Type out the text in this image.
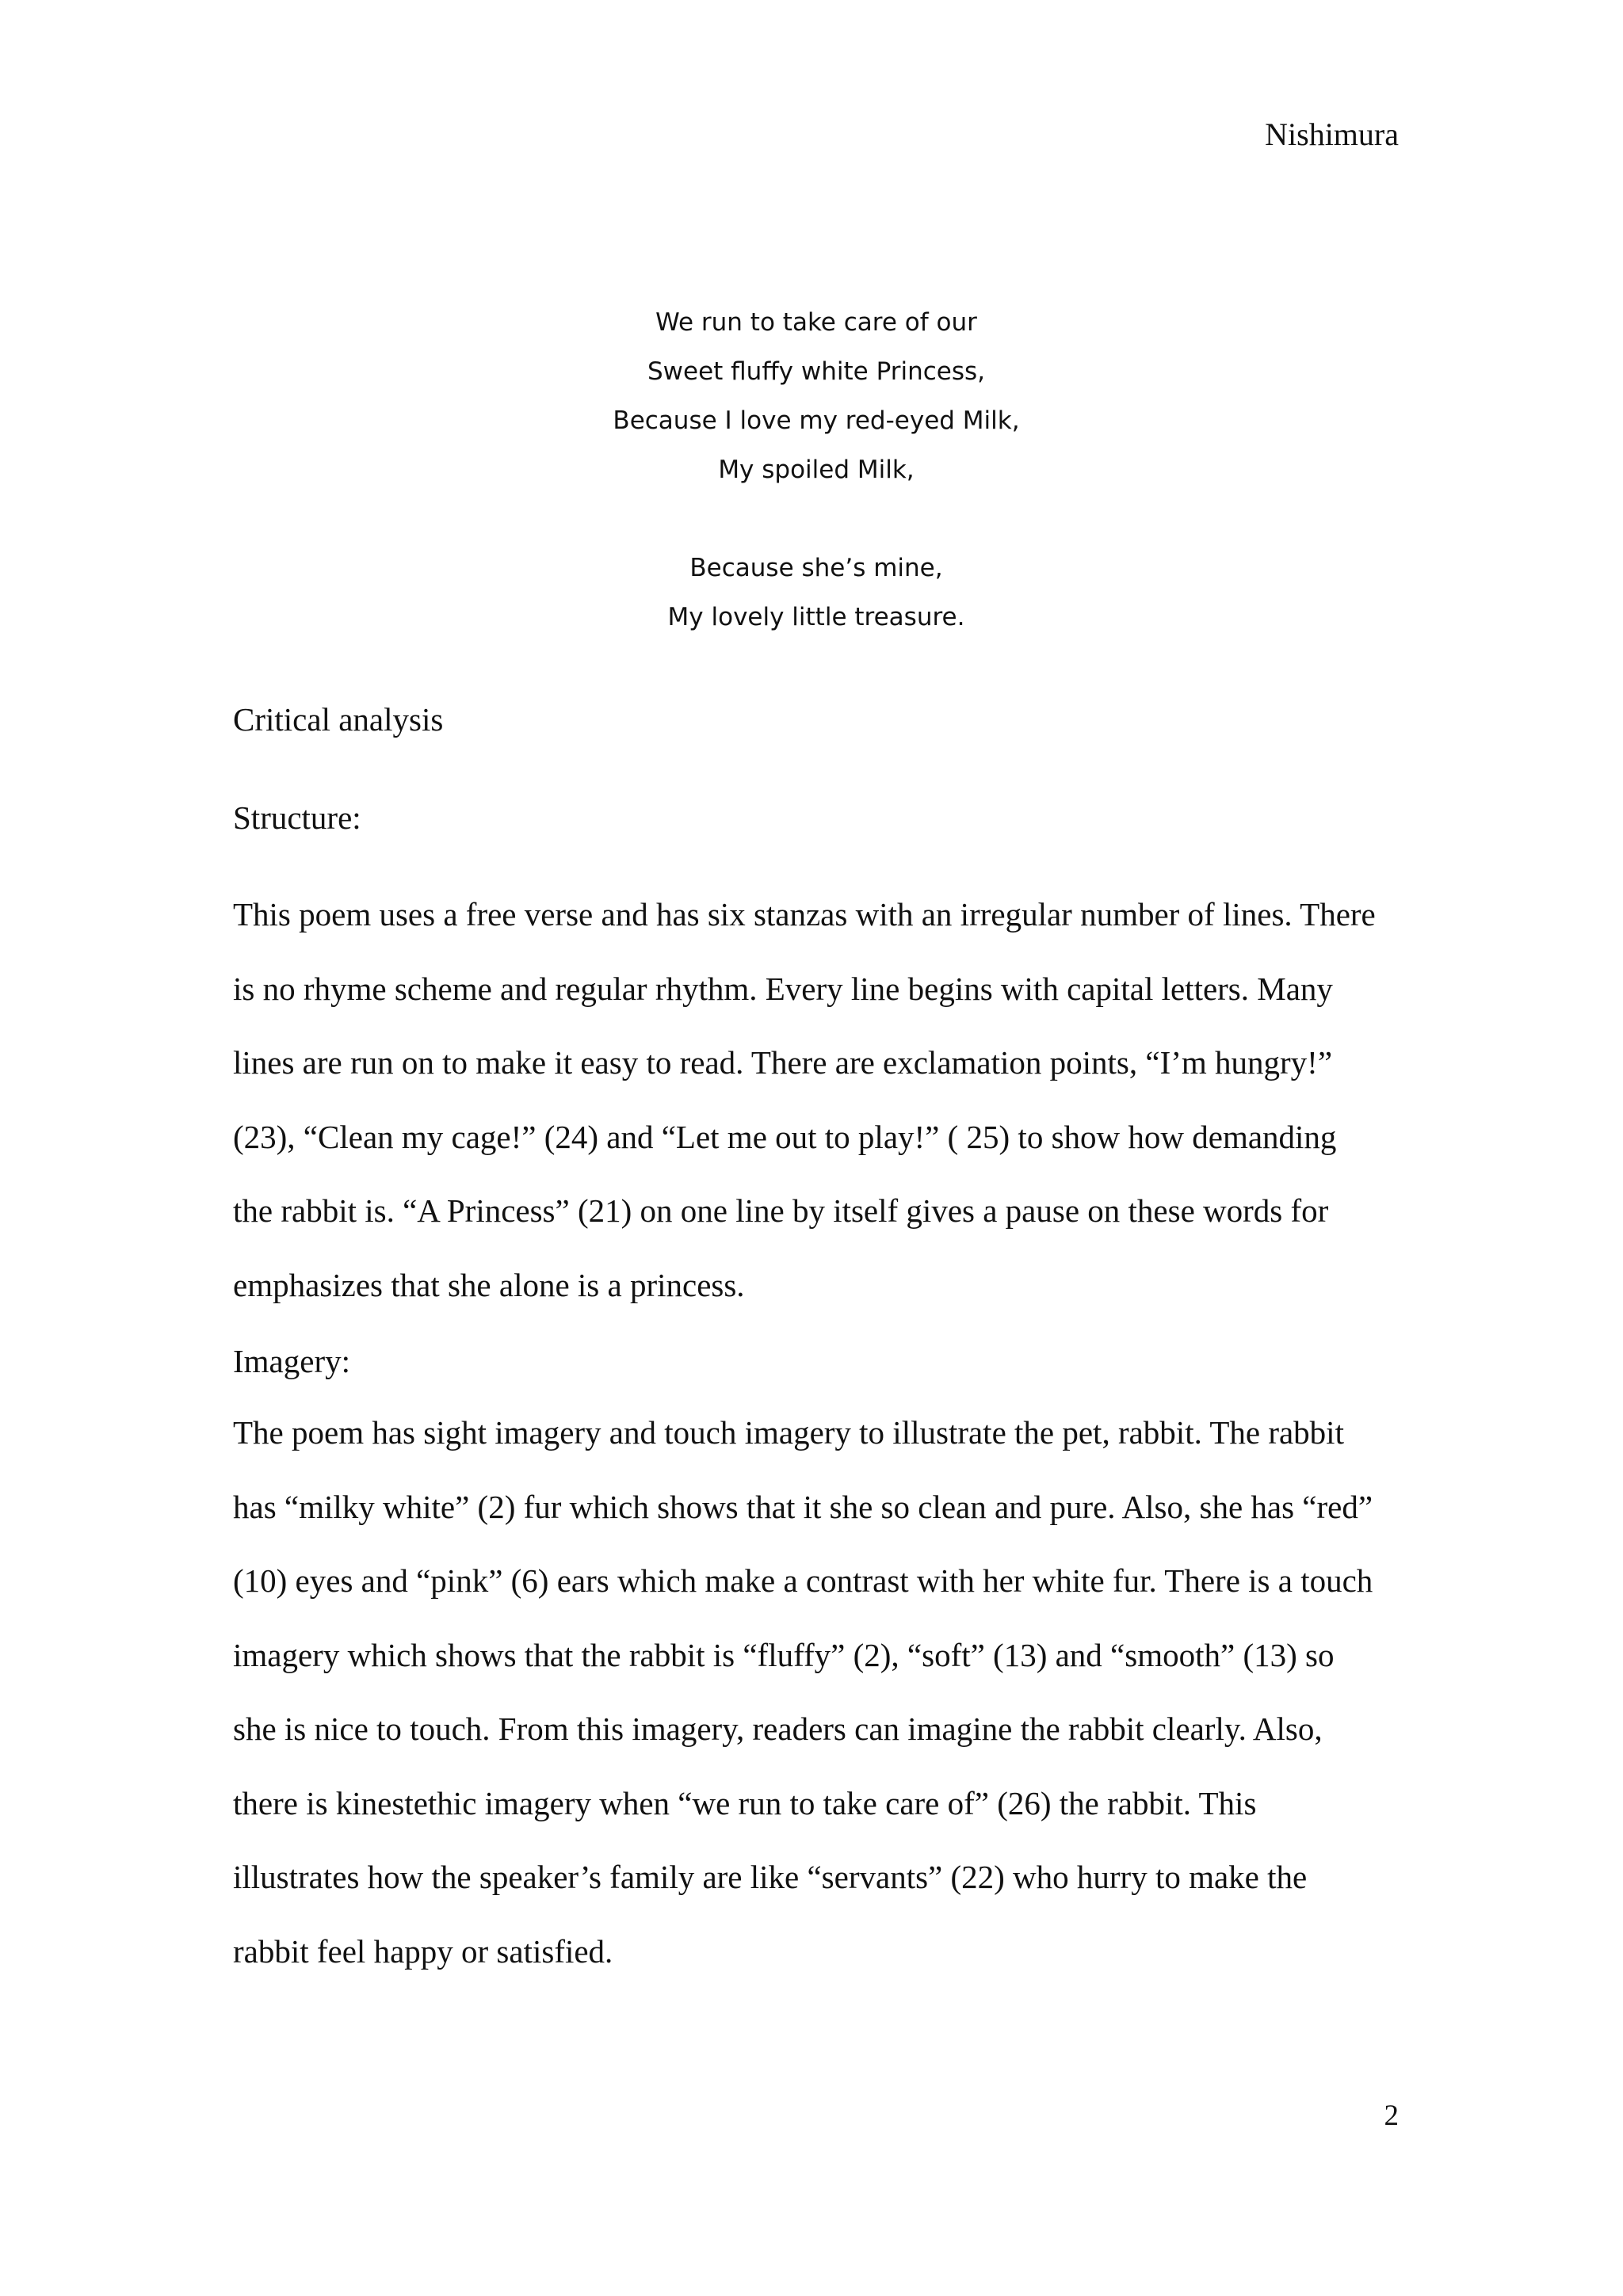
Nishimura
We run to take care of our
Sweet fluffy white Princess,
Because I love my red-eyed Milk,
My spoiled Milk,
Because she’s mine,
My lovely little treasure.
Critical analysis
Structure:
This poem uses a free verse and has six stanzas with an irregular number of lines. There
is no rhyme scheme and regular rhythm. Every line begins with capital letters. Many
lines are run on to make it easy to read. There are exclamation points, “I’m hungry!”
(23), “Clean my cage!” (24) and “Let me out to play!” ( 25) to show how demanding
the rabbit is. “A Princess” (21) on one line by itself gives a pause on these words for
emphasizes that she alone is a princess.
Imagery:
The poem has sight imagery and touch imagery to illustrate the pet, rabbit. The rabbit
has “milky white” (2) fur which shows that it she so clean and pure. Also, she has “red”
(10) eyes and “pink” (6) ears which make a contrast with her white fur. There is a touch
imagery which shows that the rabbit is “fluffy” (2), “soft” (13) and “smooth” (13) so
she is nice to touch. From this imagery, readers can imagine the rabbit clearly. Also,
there is kinestethic imagery when “we run to take care of” (26) the rabbit. This
illustrates how the speaker’s family are like “servants” (22) who hurry to make the
rabbit feel happy or satisfied.
2
